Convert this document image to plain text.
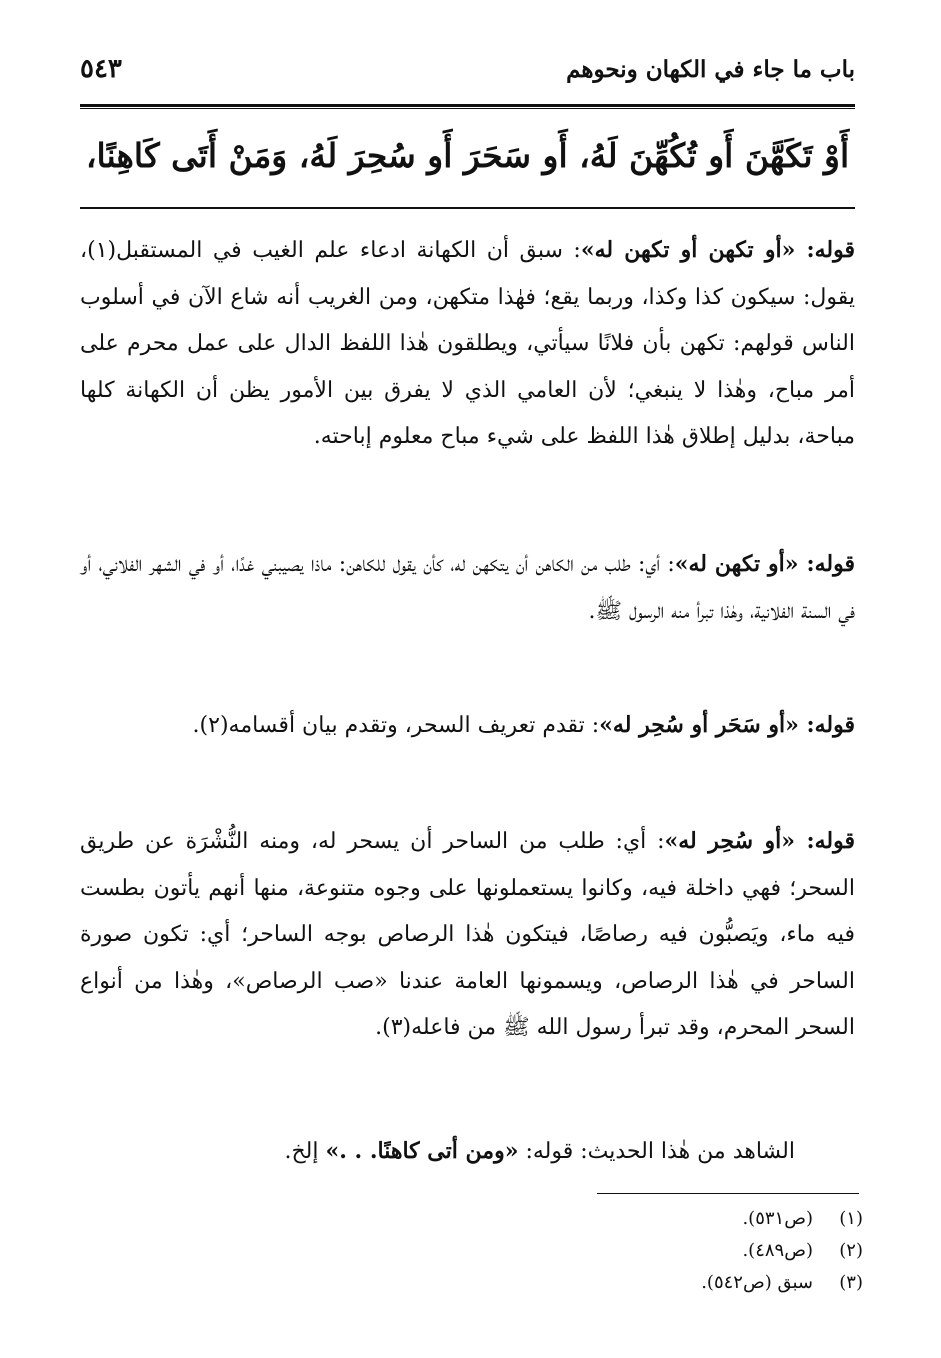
باب ما جاء في الكهان ونحوهم
٥٤٣
أَوْ تَكَهَّنَ أَو تُكُهِّنَ لَهُ، أَو سَحَرَ أَو سُحِرَ لَهُ، وَمَنْ أَتَى كَاهِنًا،
قوله: «أو تكهن أو تكهن له»: سبق أن الكهانة ادعاء علم الغيب في المستقبل(١)، يقول: سيكون كذا وكذا، وربما يقع؛ فهٰذا متكهن، ومن الغريب أنه شاع الآن في أسلوب الناس قولهم: تكهن بأن فلانًا سيأتي، ويطلقون هٰذا اللفظ الدال على عمل محرم على أمر مباح، وهٰذا لا ينبغي؛ لأن العامي الذي لا يفرق بين الأمور يظن أن الكهانة كلها مباحة، بدليل إطلاق هٰذا اللفظ على شيء مباح معلوم إباحته.
قوله: «أو تكهن له»: أي: طلب من الكاهن أن يتكهن له، كأن يقول للكاهن: ماذا يصيبني غدًا، أو في الشهر الفلاني، أو في السنة الفلانية، وهٰذا تبرأ منه الرسول ﷺ.
قوله: «أو سَحَر أو سُحِر له»: تقدم تعريف السحر، وتقدم بيان أقسامه(٢).
قوله: «أو سُحِر له»: أي: طلب من الساحر أن يسحر له، ومنه النُّشْرَة عن طريق السحر؛ فهي داخلة فيه، وكانوا يستعملونها على وجوه متنوعة، منها أنهم يأتون بطست فيه ماء، ويَصبُّون فيه رصاصًا، فيتكون هٰذا الرصاص بوجه الساحر؛ أي: تكون صورة الساحر في هٰذا الرصاص، ويسمونها العامة عندنا «صب الرصاص»، وهٰذا من أنواع السحر المحرم، وقد تبرأ رسول الله ﷺ من فاعله(٣).
الشاهد من هٰذا الحديث: قوله: «ومن أتى كاهنًا. . .» إلخ.
(١)(ص٥٣١).
(٢)(ص٤٨٩).
(٣)سبق (ص٥٤٢).
